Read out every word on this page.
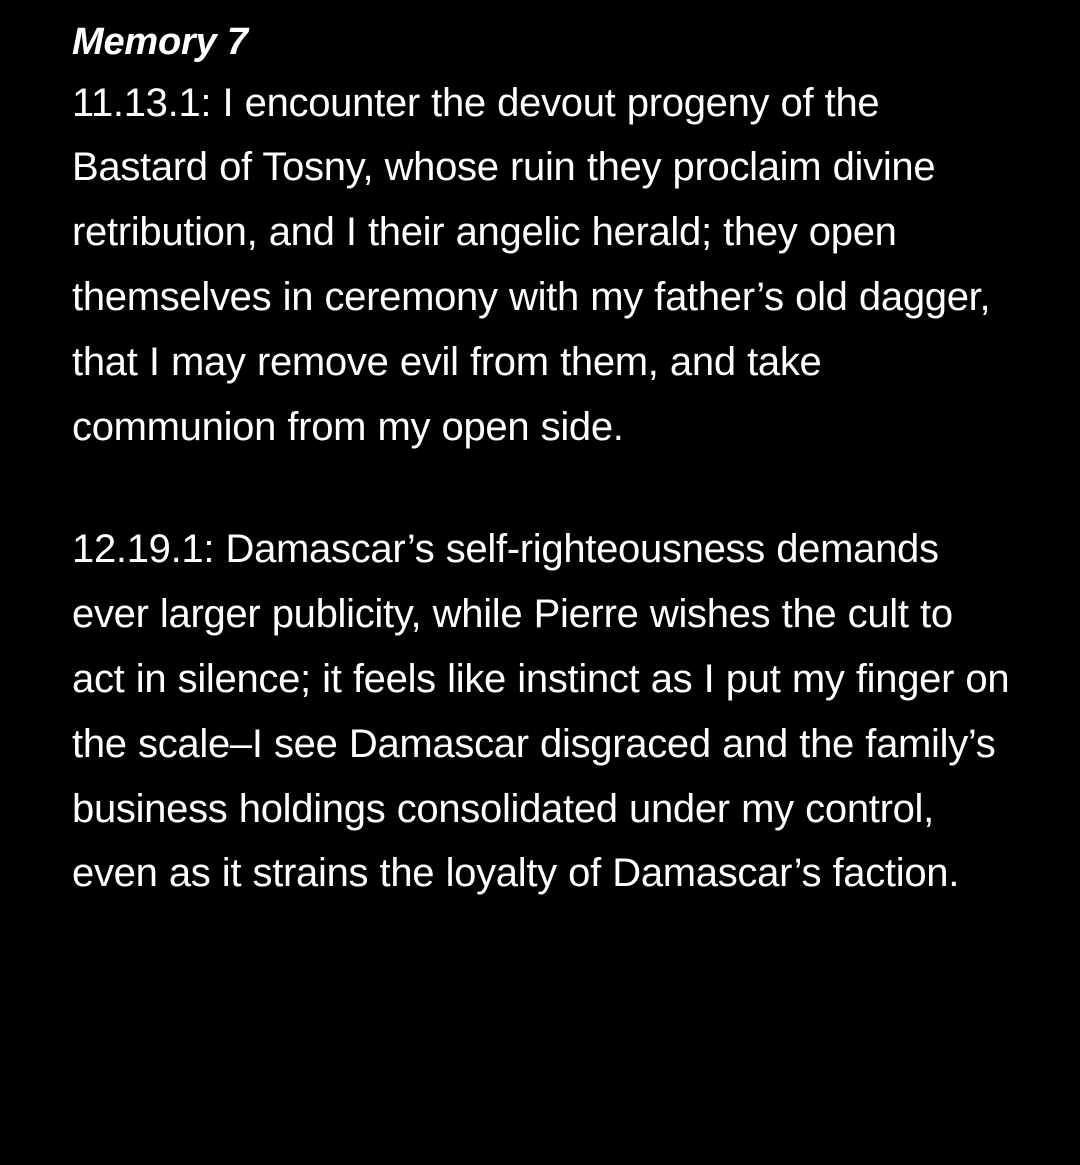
Memory 7

11.13.1: I encounter the devout progeny of the Bastard of Tosny, whose ruin they proclaim divine retribution, and I their angelic herald; they open themselves in ceremony with my father’s old dagger, that I may remove evil from them, and take communion from my open side.

12.19.1: Damascar’s self-righteousness demands ever larger publicity, while Pierre wishes the cult to act in silence; it feels like instinct as I put my finger on the scale–I see Damascar disgraced and the family’s business holdings consolidated under my control, even as it strains the loyalty of Damascar’s faction.
